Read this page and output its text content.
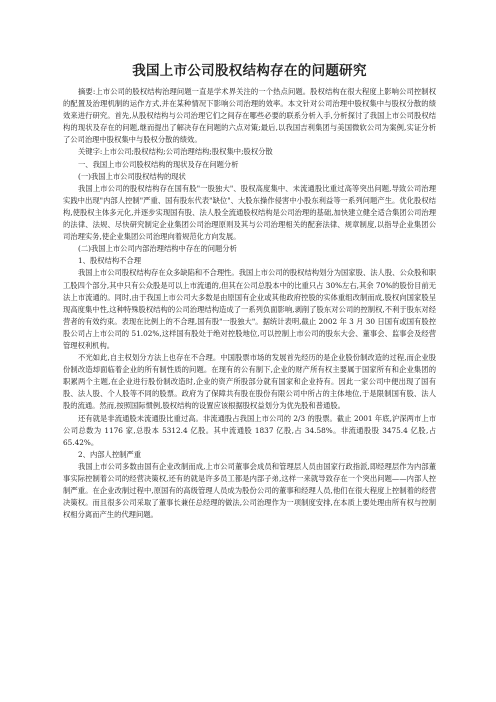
我国上市公司股权结构存在的问题研究

摘要:上市公司的股权结构治理问题一直是学术界关注的一个热点问题。股权结构在很大程度上影响公司控制权的配置及治理机制的运作方式,并在某种情况下影响公司治理的效率。本文针对公司治理中股权集中与股权分散的绩效来进行研究。首先,从股权结构与公司治理它们之间存在哪些必要的联系分析入手,分析探讨了我国上市公司股权结构的现状及存在的问题,继而提出了解决存在问题的六点对策;最后,以我国吉利集团与美国微软公司为案例,实证分析了公司治理中股权集中与股权分散的绩效。

关键字:上市公司;股权结构;公司治理结构;股权集中;股权分散

一、我国上市公司股权结构的现状及存在问题分析

(一)我国上市公司股权结构的现状

我国上市公司的股权结构存在国有股"一股独大"、股权高度集中、未流通股比重过高等突出问题,导致公司治理实践中出现"内部人控制"严重、国有股东代表"缺位"、大股东操作侵害中小股东利益等一系列问题产生。优化股权结构,使股权主体多元化,并逐步实现国有股、法人股全流通股权结构是公司治理的基础,加快建立健全适合集团公司治理的法律、法规、尽快研究制定企业集团公司治理原则及其与公司治理相关的配套法律、规章制度,以指导企业集团公司治理实务,使企业集团公司治理向着规范化方向发展。

(二)我国上市公司内部治理结构中存在的问题分析

1、股权结构不合理

我国上市公司股权结构存在众多缺陷和不合理性。我国上市公司的股权结构划分为国家股、法人股、公众股和职工股四个部分,其中只有公众股是可以上市流通的,但其在公司总股本中的比重只占 30%左右,其余 70%的股份目前无法上市流通的。同时,由于我国上市公司大多数是由原国有企业或其他政府控股的实体重组改制而成,股权向国家股呈现高度集中性,这种特殊股权结构的公司治理结构造成了一系列负面影响,剥削了股东对公司的控制权,不利于股东对经营者的有效约束。表现在比例上的不合理,国有股"一股独大"。据统计表明,截止 2002 年 3 月 30 日国有或国有股控股公司占上市公司的 51.02%,这样国有股处于绝对控股地位,可以控制上市公司的股东大会、董事会、监事会及经营管理权利机构。

不光如此,自主权划分方法上也存在不合理。中国股票市场的发展首先经历的是企业股份制改造的过程,而企业股份制改造却面临着企业的所有制性质的问题。在现有的公有制下,企业的财产所有权主要属于国家所有和企业集团的职累两个主题,在企业进行股份制改造时,企业的资产所股部分就有国家和企业持有。因此一家公司中便出现了国有股、法人股、个人股等不同的股票。政府为了保障共有股在股份有限公司中所占的主体地位,于是限制国有股、法人股的流通。然而,按照国际惯例,股权结构的设置应该根据股权益划分为优先股和普通股。

还有就是非流通股未流通股比重过高。非流通股占我国上市公司的 2/3 的股票。截止 2001 年底,沪深两市上市公司总数为 1176 家,总股本 5312.4 亿股。其中流通股 1837 亿股,占 34.58%。非流通股股 3475.4 亿股,占 65.42%。

2、内部人控制严重

我国上市公司多数由国有企业改制而成,上市公司董事会成员和管理层人员由国家行政指派,即经理层作为内部董事实际控制着公司的经营决策权,还有的就是许多员工都是内部子弟,这样一来就导致存在一个突出问题——内部人控制严重。在企业改制过程中,原国有的高级管理人员成为股份公司的董事和经理人员,他们在很大程度上控制着的经营决策权。而且很多公司采取了董事长兼任总经理的做法,公司治理作为一项制度安排,在本质上要处理由所有权与控制权相分离而产生的代理问题。
